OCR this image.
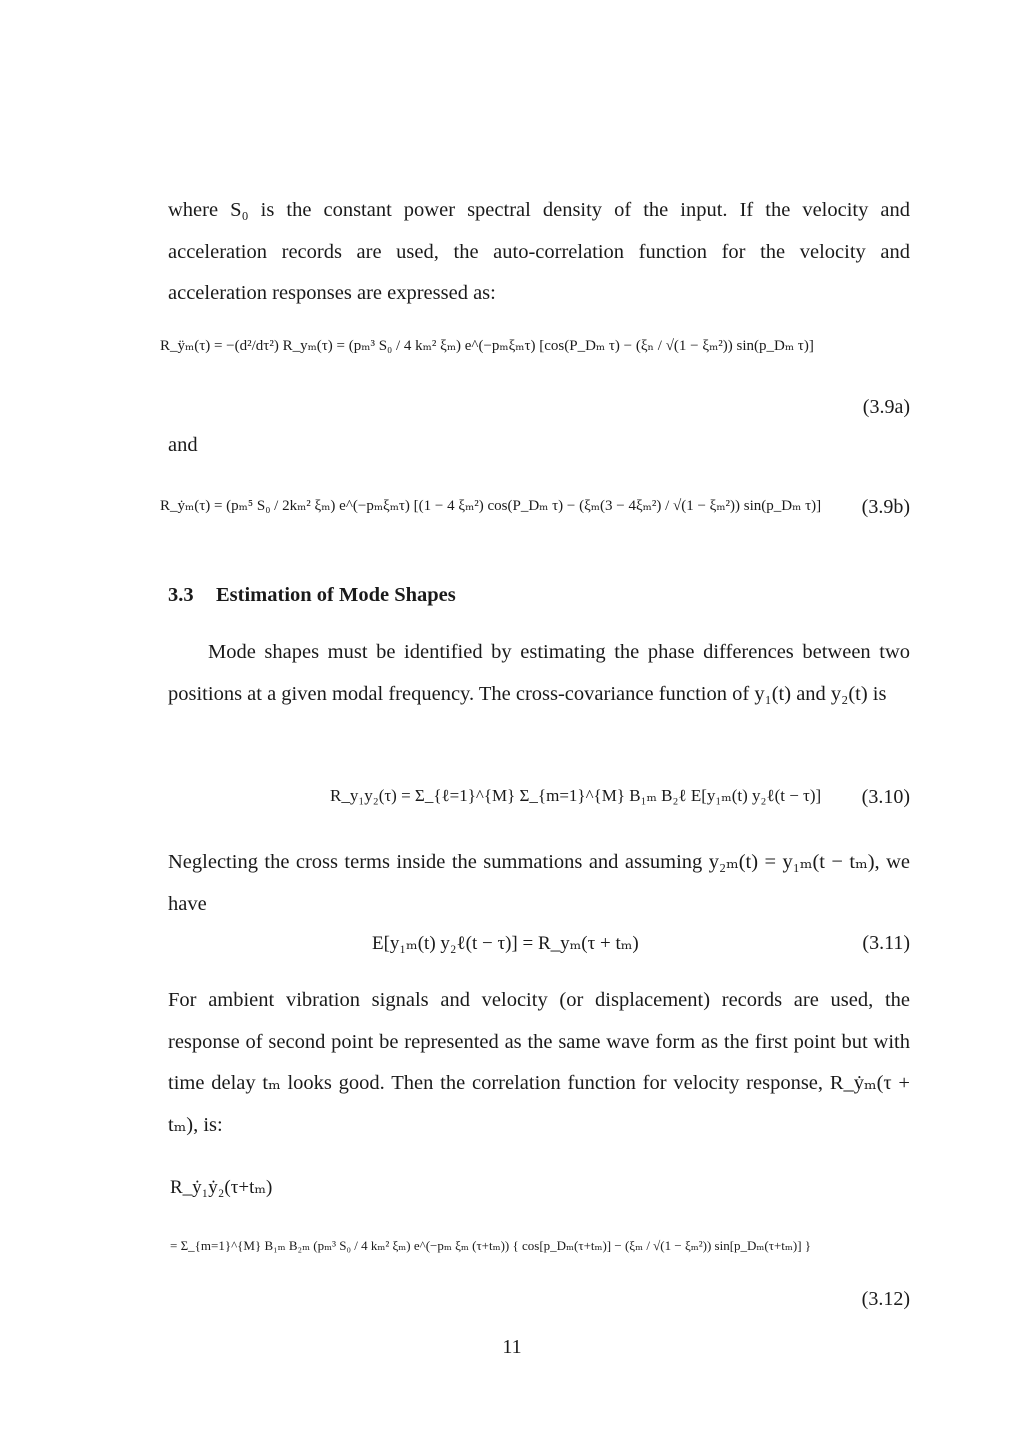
where S₀ is the constant power spectral density of the input. If the velocity and acceleration records are used, the auto-correlation function for the velocity and acceleration responses are expressed as:

R_ÿₘ(τ) = −(d²/dτ²) R_yₘ(τ) = (pₘ³ S₀ / 4 kₘ² ξₘ) e^(−pₘξₘτ) [cos(P_Dₘ τ) − (ξₙ / √(1 − ξₘ²)) sin(p_Dₘ τ)]
(3.9a)
and
R_ẏₘ(τ) = (pₘ⁵ S₀ / 2kₘ² ξₘ) e^(−pₘξₘτ) [(1 − 4 ξₘ²) cos(P_Dₘ τ) − (ξₘ(3 − 4ξₘ²) / √(1 − ξₘ²)) sin(p_Dₘ τ)] (3.9b)
3.3 Estimation of Mode Shapes

Mode shapes must be identified by estimating the phase differences between two positions at a given modal frequency. The cross-covariance function of y₁(t) and y₂(t) is

R_y₁y₂(τ) = Σ_{ℓ=1}^{M} Σ_{m=1}^{M} B₁ₘ B₂ℓ E[y₁ₘ(t) y₂ℓ(t − τ)] (3.10)

Neglecting the cross terms inside the summations and assuming y₂ₘ(t) = y₁ₘ(t − tₘ), we have

E[y₁ₘ(t) y₂ℓ(t − τ)] = R_yₘ(τ + tₘ)	(3.11)

For ambient vibration signals and velocity (or displacement) records are used, the response of second point be represented as the same wave form as the first point but with time delay tₘ looks good. Then the correlation function for velocity response, R_ẏₘ(τ + tₘ), is:

R_ẏ₁ẏ₂(τ+tₘ)
= Σ_{m=1}^{M} B₁ₘ B₂ₘ (pₘ³ S₀ / 4 kₘ² ξₘ) e^(−pₘ ξₘ (τ+tₘ)) { cos[p_Dₘ(τ+tₘ)] − (ξₘ / √(1 − ξₘ²)) sin[p_Dₘ(τ+tₘ)] }
(3.12)
11
